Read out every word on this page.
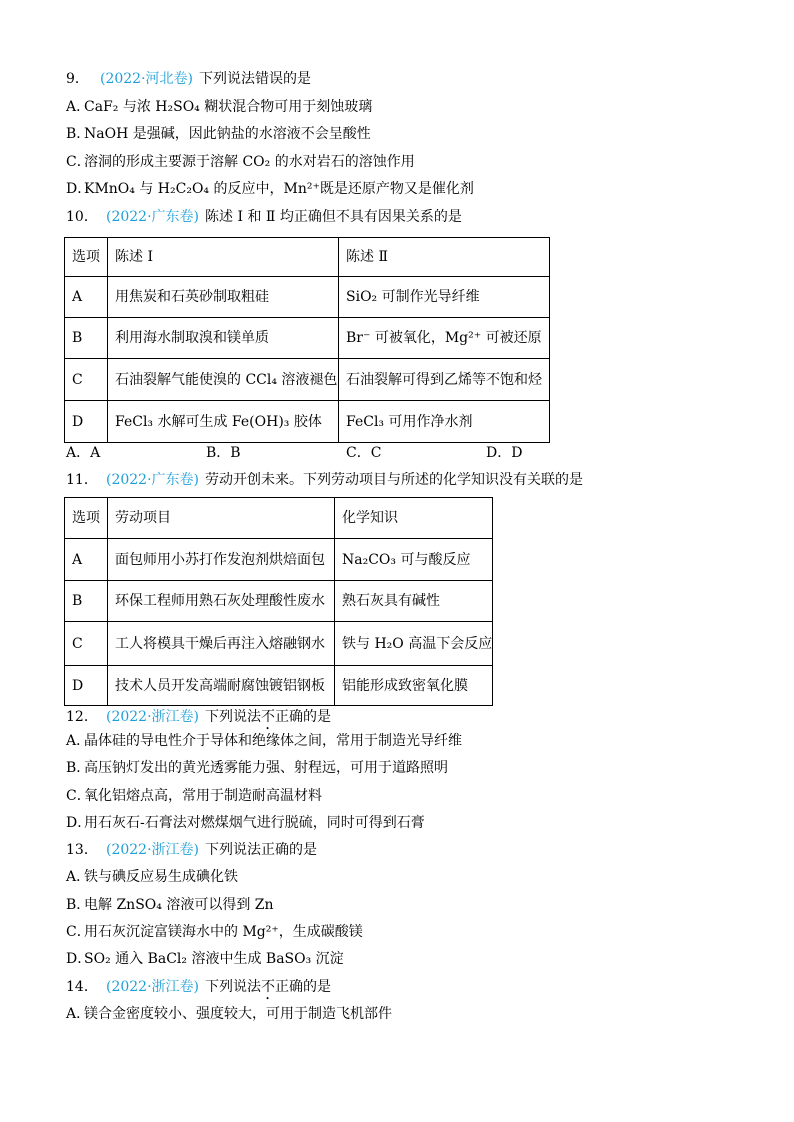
9． (2022·河北卷) 下列说法错误的是
A．CaF₂ 与浓 H₂SO₄ 糊状混合物可用于刻蚀玻璃
B．NaOH 是强碱，因此钠盐的水溶液不会呈酸性
C．溶洞的形成主要源于溶解 CO₂ 的水对岩石的溶蚀作用
D．KMnO₄ 与 H₂C₂O₄ 的反应中，Mn²⁺既是还原产物又是催化剂
10． (2022·广东卷) 陈述 Ⅰ 和 Ⅱ 均正确但不具有因果关系的是
选项	陈述 Ⅰ	陈述 Ⅱ
A	用焦炭和石英砂制取粗硅	SiO₂ 可制作光导纤维
B	利用海水制取溴和镁单质	Br⁻ 可被氧化，Mg²⁺ 可被还原
C	石油裂解气能使溴的 CCl₄ 溶液褪色	石油裂解可得到乙烯等不饱和烃
D	FeCl₃ 水解可生成 Fe(OH)₃ 胶体	FeCl₃ 可用作净水剂
A．A	B．B	C．C	D．D
11． (2022·广东卷) 劳动开创未来。下列劳动项目与所述的化学知识没有关联的是
选项	劳动项目	化学知识
A	面包师用小苏打作发泡剂烘焙面包	Na₂CO₃ 可与酸反应
B	环保工程师用熟石灰处理酸性废水	熟石灰具有碱性
C	工人将模具干燥后再注入熔融钢水	铁与 H₂O 高温下会反应
D	技术人员开发高端耐腐蚀镀铝钢板	铝能形成致密氧化膜
12． (2022·浙江卷) 下列说法不正确的是
A．晶体硅的导电性介于导体和绝缘体之间，常用于制造光导纤维
B．高压钠灯发出的黄光透雾能力强、射程远，可用于道路照明
C．氧化铝熔点高，常用于制造耐高温材料
D．用石灰石-石膏法对燃煤烟气进行脱硫，同时可得到石膏
13． (2022·浙江卷) 下列说法正确的是
A．铁与碘反应易生成碘化铁
B．电解 ZnSO₄ 溶液可以得到 Zn
C．用石灰沉淀富镁海水中的 Mg²⁺，生成碳酸镁
D．SO₂ 通入 BaCl₂ 溶液中生成 BaSO₃ 沉淀
14． (2022·浙江卷) 下列说法不正确的是
A．镁合金密度较小、强度较大，可用于制造飞机部件
